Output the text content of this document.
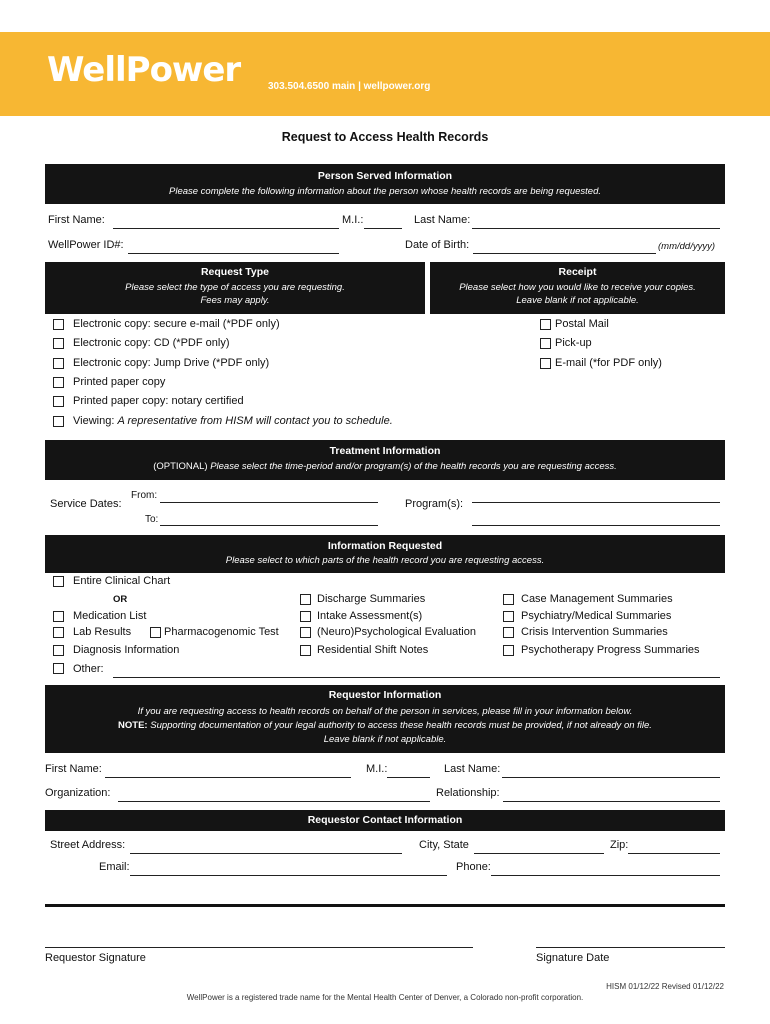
WellPower	303.504.6500 main | wellpower.org
Request to Access Health Records
Person Served Information
Please complete the following information about the person whose health records are being requested.
First Name:	M.I.:	Last Name:
WellPower ID#:	Date of Birth:	(mm/dd/yyyy)
Request Type
Please select the type of access you are requesting.
Fees may apply.
Receipt
Please select how you would like to receive your copies.
Leave blank if not applicable.
Electronic copy: secure e-mail (*PDF only)
Electronic copy: CD (*PDF only)
Electronic copy: Jump Drive (*PDF only)
Printed paper copy
Printed paper copy: notary certified
Viewing: A representative from HISM will contact you to schedule.
Postal Mail
Pick-up
E-mail (*for PDF only)
Treatment Information
(OPTIONAL) Please select the time-period and/or program(s) of the health records you are requesting access.
Service Dates:
From:
To:
Program(s):
Information Requested
Please select to which parts of the health record you are requesting access.
Entire Clinical Chart
OR
Medication List
Lab Results	Pharmacogenomic Test
Diagnosis Information
Other:
Discharge Summaries
Intake Assessment(s)
(Neuro)Psychological Evaluation
Residential Shift Notes
Case Management Summaries
Psychiatry/Medical Summaries
Crisis Intervention Summaries
Psychotherapy Progress Summaries
Requestor Information
If you are requesting access to health records on behalf of the person in services, please fill in your information below.
NOTE: Supporting documentation of your legal authority to access these health records must be provided, if not already on file.
Leave blank if not applicable.
First Name:	M.I.:	Last Name:
Organization:	Relationship:
Requestor Contact Information
Street Address:	City, State	Zip:
Email:	Phone:
Requestor Signature	Signature Date
HISM 01/12/22 Revised 01/12/22
WellPower is a registered trade name for the Mental Health Center of Denver, a Colorado non-profit corporation.
